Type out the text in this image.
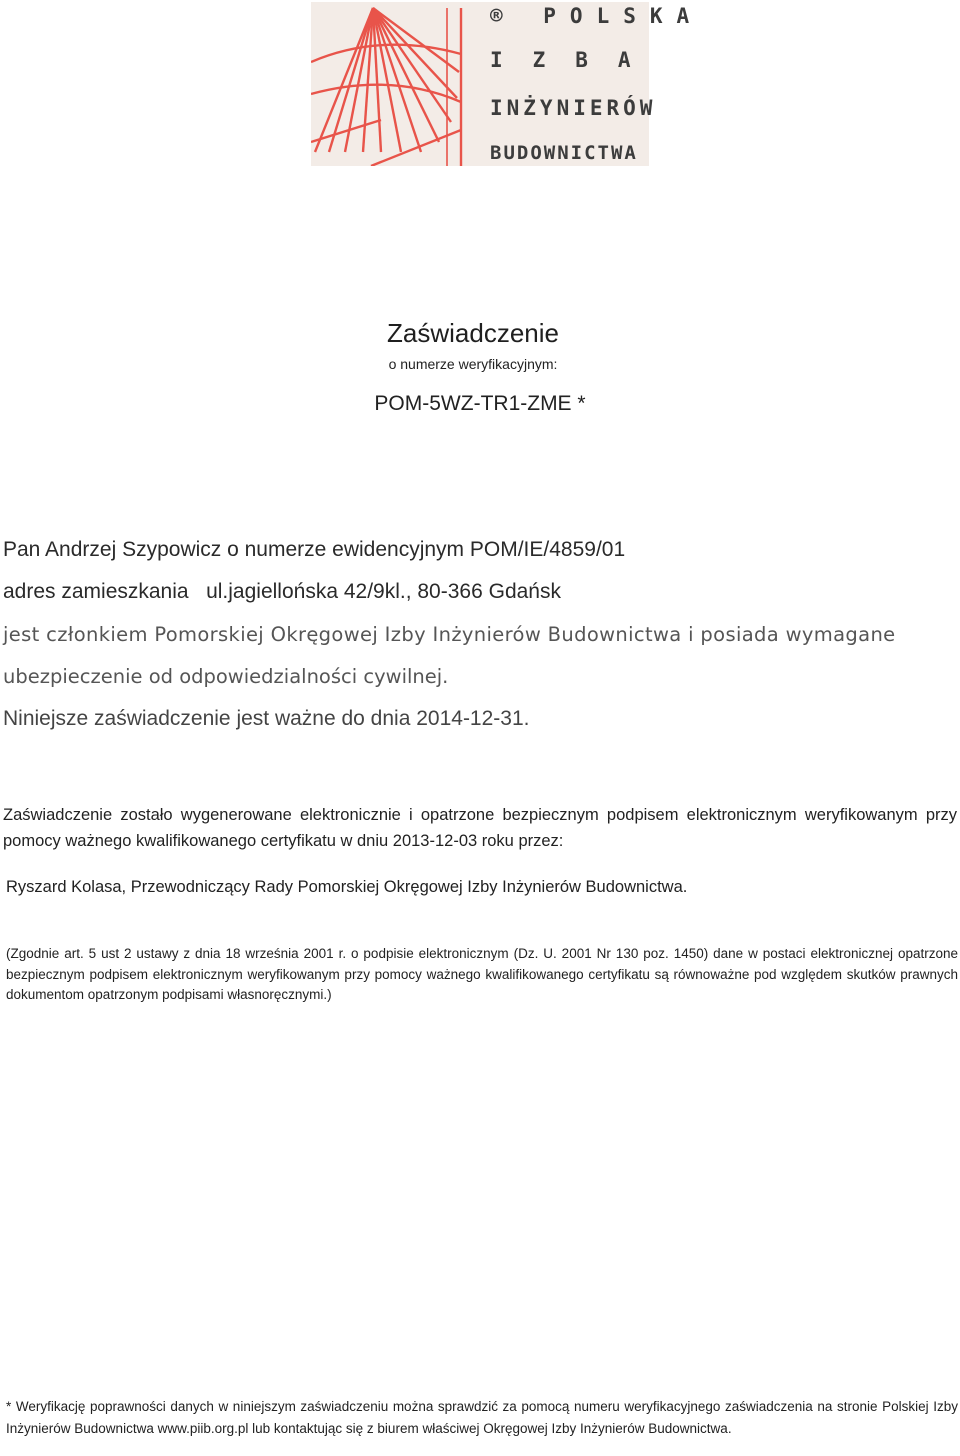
® POLSKA
IZBA
INŻYNIERÓW
BUDOWNICTWA
Zaświadczenie
o numerze weryfikacyjnym:
POM-5WZ-TR1-ZME *
Pan Andrzej Szypowicz o numerze ewidencyjnym POM/IE/4859/01
adres zamieszkania   ul.jagiellońska 42/9kl., 80-366 Gdańsk
jest członkiem Pomorskiej Okręgowej Izby Inżynierów Budownictwa i posiada wymagane
ubezpieczenie od odpowiedzialności cywilnej.
Niniejsze zaświadczenie jest ważne do dnia 2014-12-31.
Zaświadczenie zostało wygenerowane elektronicznie i opatrzone bezpiecznym podpisem elektronicznym weryfikowanym przy pomocy ważnego kwalifikowanego certyfikatu w dniu 2013-12-03 roku przez:
Ryszard Kolasa, Przewodniczący Rady Pomorskiej Okręgowej Izby Inżynierów Budownictwa.
(Zgodnie art. 5 ust 2 ustawy z dnia 18 września 2001 r. o podpisie elektronicznym (Dz. U. 2001 Nr 130 poz. 1450) dane w postaci elektronicznej opatrzone bezpiecznym podpisem elektronicznym weryfikowanym przy pomocy ważnego kwalifikowanego certyfikatu są równoważne pod względem skutków prawnych dokumentom opatrzonym podpisami własnoręcznymi.)
* Weryfikację poprawności danych w niniejszym zaświadczeniu można sprawdzić za pomocą numeru weryfikacyjnego zaświadczenia na stronie Polskiej Izby Inżynierów Budownictwa www.piib.org.pl lub kontaktując się z biurem właściwej Okręgowej Izby Inżynierów Budownictwa.
